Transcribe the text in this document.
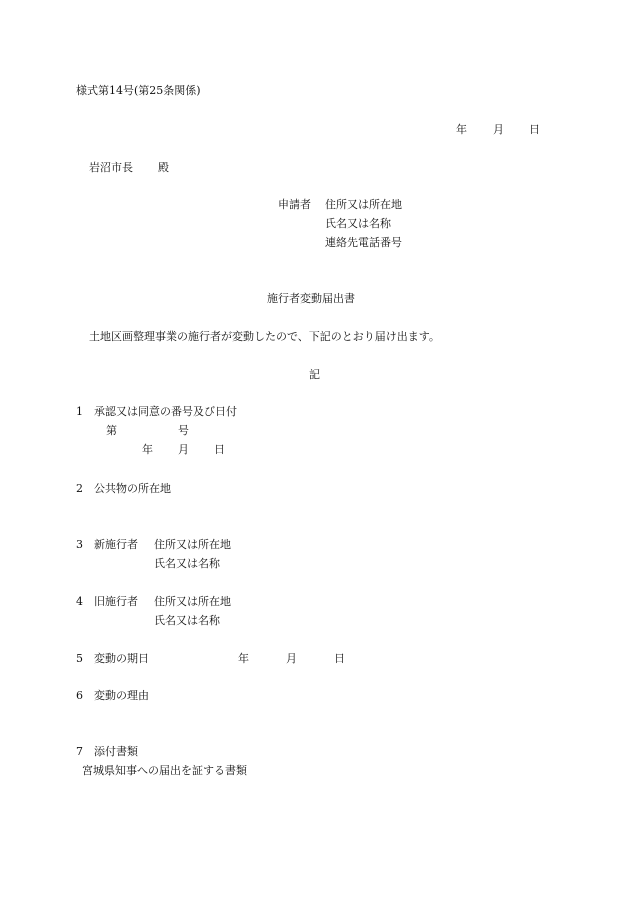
様式第14号(第25条関係)
年 月 日
岩沼市長 殿
申請者 住所又は所在地
氏名又は名称
連絡先電話番号
施行者変動届出書
土地区画整理事業の施行者が変動したので、下記のとおり届け出ます。
記
1 承認又は同意の番号及び日付
第	号
年 月 日
2 公共物の所在地
3 新施行者 住所又は所在地
氏名又は名称
4 旧施行者 住所又は所在地
氏名又は名称
5 変動の期日	年	月	日
6 変動の理由
7 添付書類
宮城県知事への届出を証する書類
